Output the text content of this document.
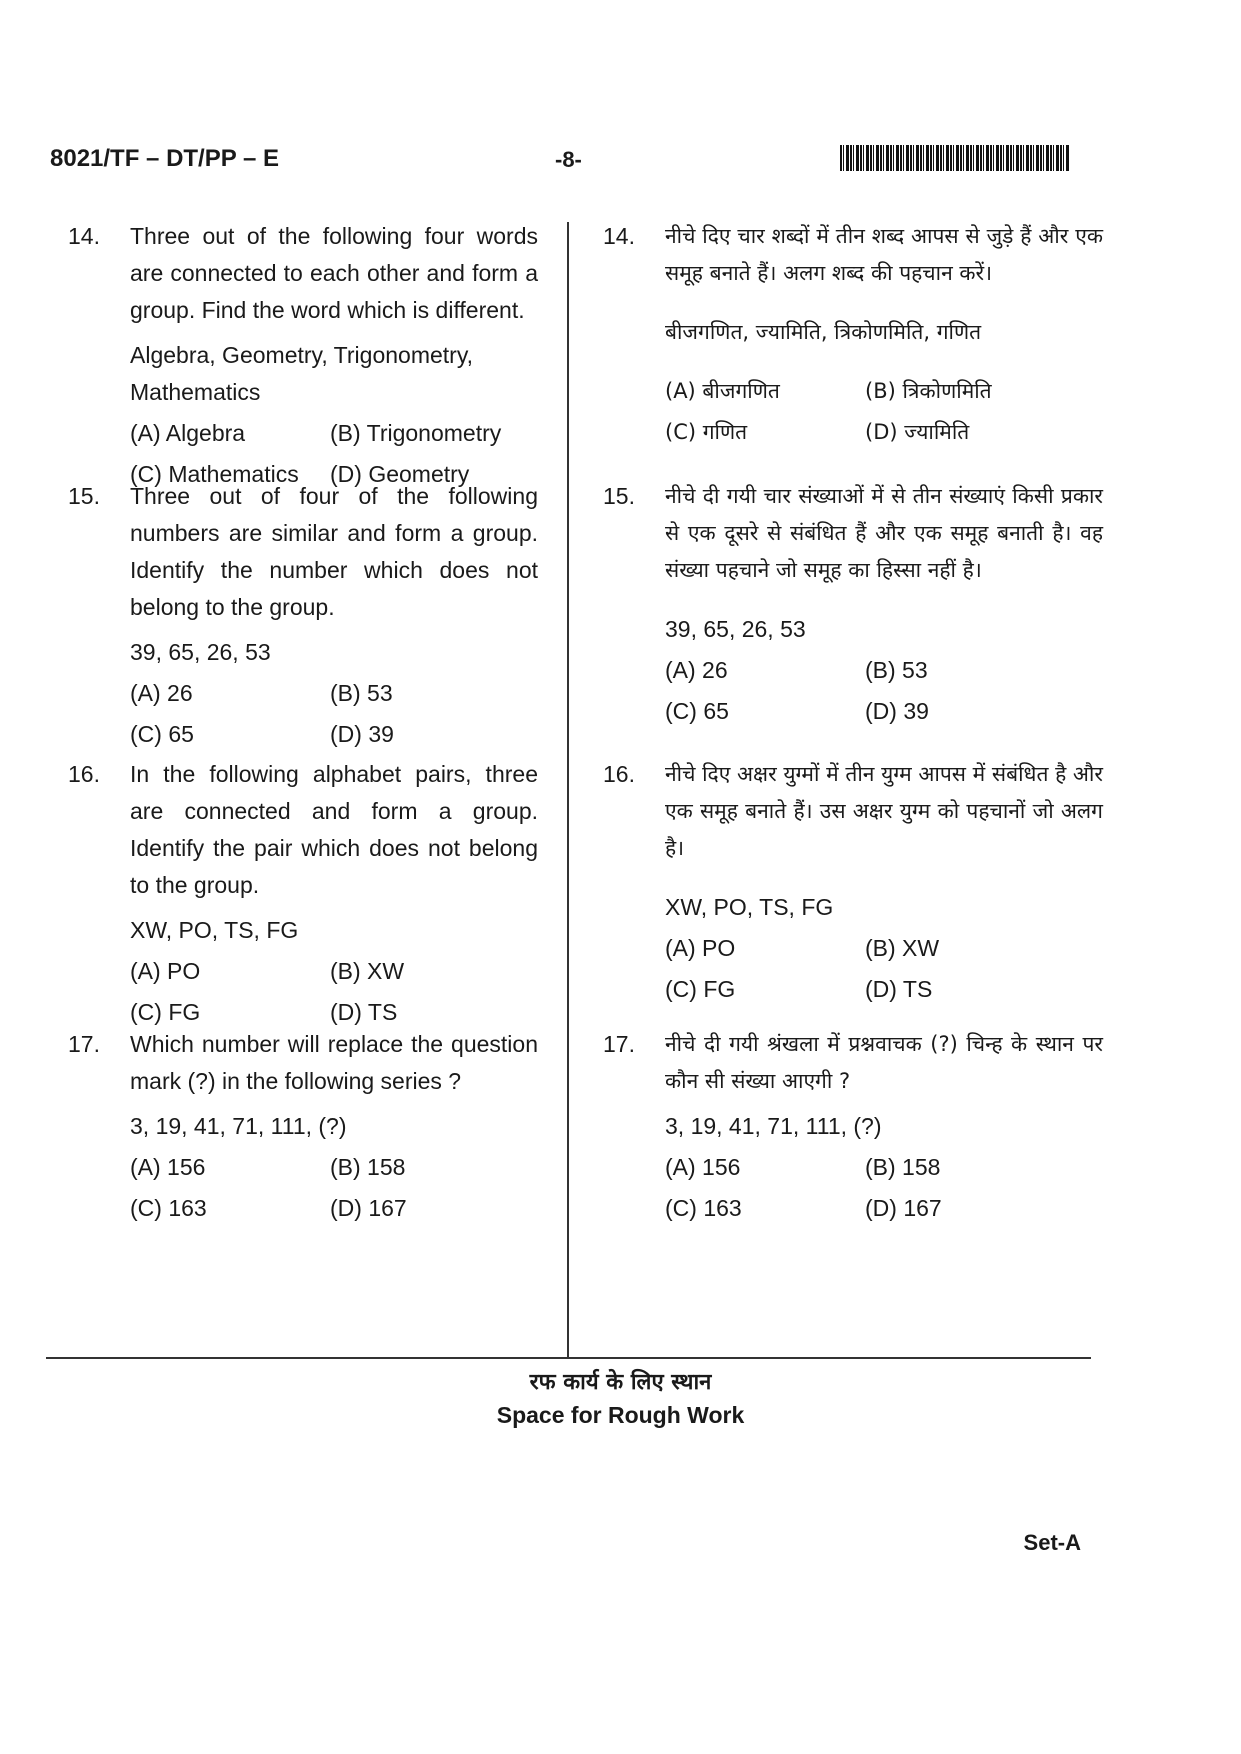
8021/TF – DT/PP – E	-8-
14. Three out of the following four words are connected to each other and form a group. Find the word which is different.
Algebra, Geometry, Trigonometry, Mathematics
(A) Algebra	(B) Trigonometry
(C) Mathematics	(D) Geometry
15. Three out of four of the following numbers are similar and form a group. Identify the number which does not belong to the group.
39, 65, 26, 53
(A) 26	(B) 53
(C) 65	(D) 39
16. In the following alphabet pairs, three are connected and form a group. Identify the pair which does not belong to the group.
XW, PO, TS, FG
(A) PO	(B) XW
(C) FG	(D) TS
17. Which number will replace the question mark (?) in the following series ?
3, 19, 41, 71, 111, (?)
(A) 156	(B) 158
(C) 163	(D) 167
14. नीचे दिए चार शब्दों में तीन शब्द आपस से जुड़े हैं और एक समूह बनाते हैं। अलग शब्द की पहचान करें।
बीजगणित, ज्यामिति, त्रिकोणमिति, गणित
(A) बीजगणित	(B) त्रिकोणमिति
(C) गणित	(D) ज्यामिति
15. नीचे दी गयी चार संख्याओं में से तीन संख्याएं किसी प्रकार से एक दूसरे से संबंधित हैं और एक समूह बनाती है। वह संख्या पहचाने जो समूह का हिस्सा नहीं है।
39, 65, 26, 53
(A) 26	(B) 53
(C) 65	(D) 39
16. नीचे दिए अक्षर युग्मों में तीन युग्म आपस में संबंधित है और एक समूह बनाते हैं। उस अक्षर युग्म को पहचानों जो अलग है।
XW, PO, TS, FG
(A) PO	(B) XW
(C) FG	(D) TS
17. नीचे दी गयी श्रंखला में प्रश्नवाचक (?) चिन्ह के स्थान पर कौन सी संख्या आएगी ?
3, 19, 41, 71, 111, (?)
(A) 156	(B) 158
(C) 163	(D) 167
रफ कार्य के लिए स्थान
Space for Rough Work
Set-A
